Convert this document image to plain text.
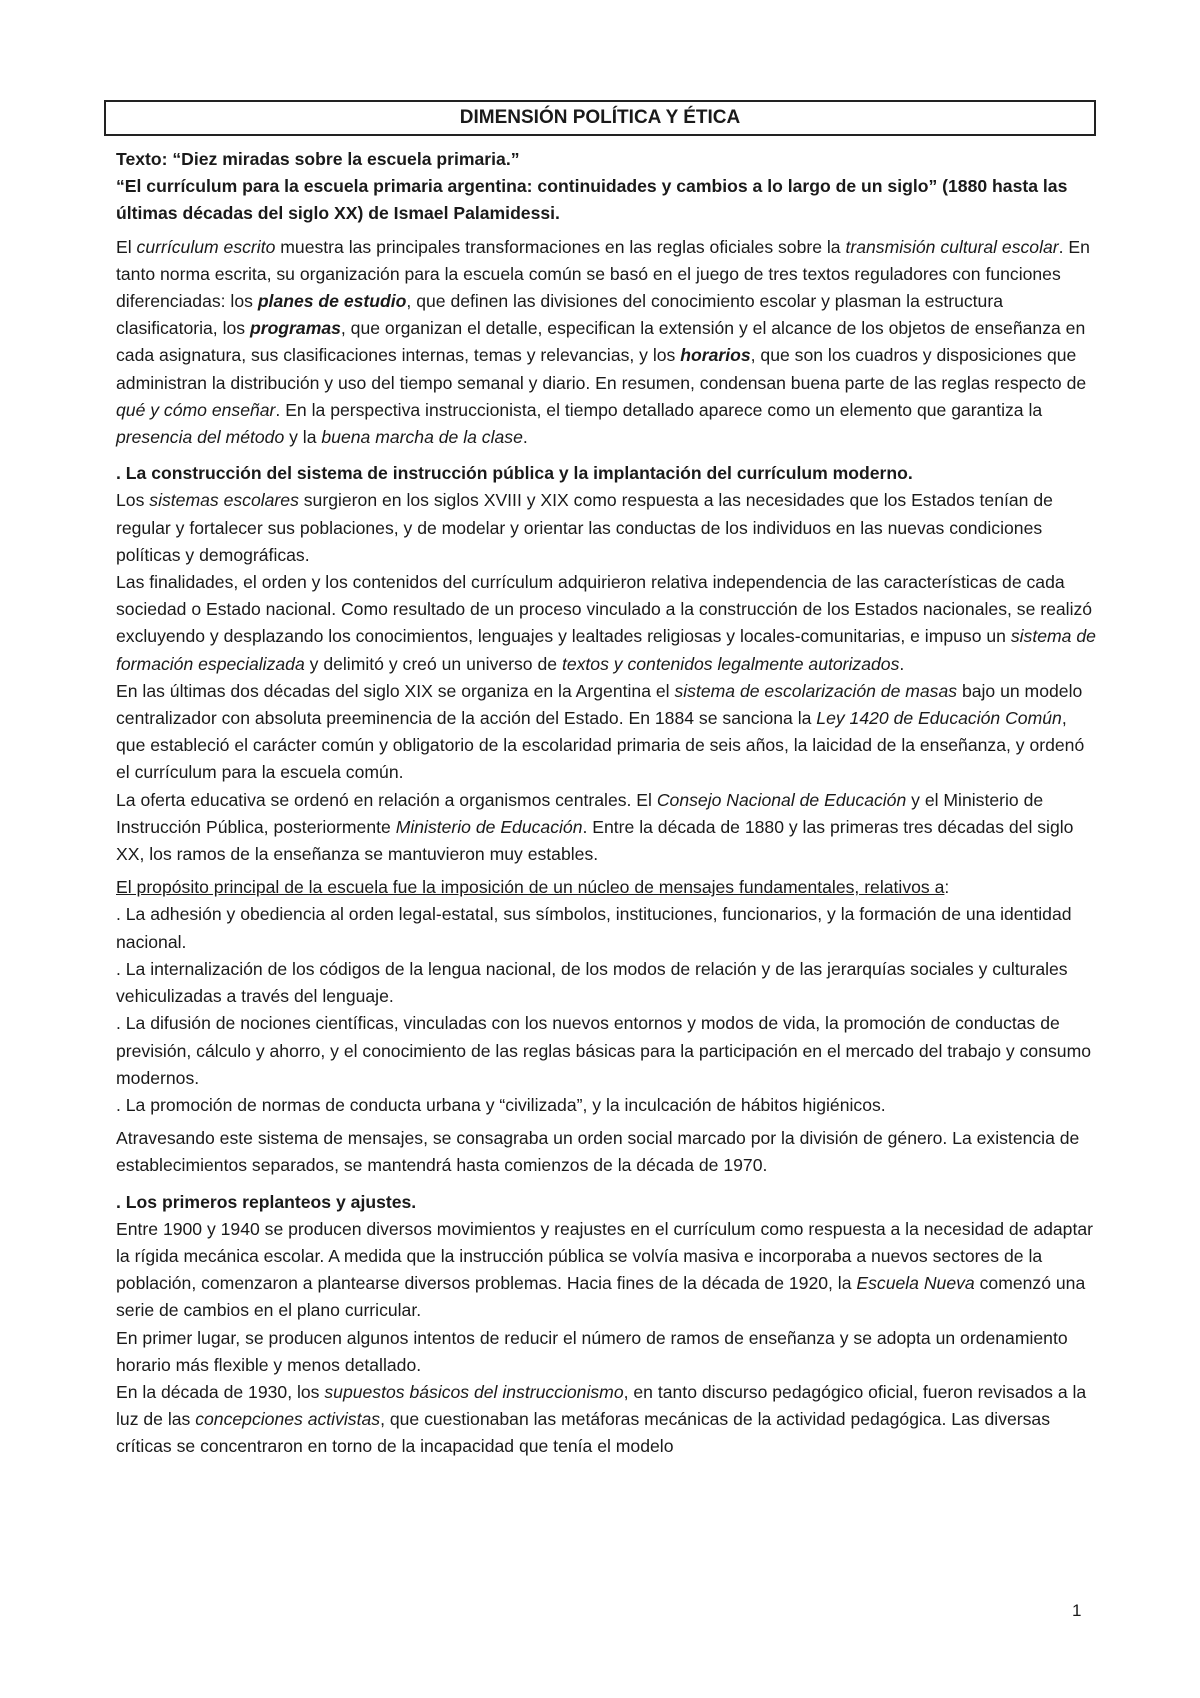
DIMENSIÓN POLÍTICA Y ÉTICA

Texto: “Diez miradas sobre la escuela primaria.”

“El currículum para la escuela primaria argentina: continuidades y cambios a lo largo de un siglo” (1880 hasta las últimas décadas del siglo XX) de Ismael Palamidessi.

El currículum escrito muestra las principales transformaciones en las reglas oficiales sobre la transmisión cultural escolar. En tanto norma escrita, su organización para la escuela común se basó en el juego de tres textos reguladores con funciones diferenciadas: los planes de estudio, que definen las divisiones del conocimiento escolar y plasman la estructura clasificatoria, los programas, que organizan el detalle, especifican la extensión y el alcance de los objetos de enseñanza en cada asignatura, sus clasificaciones internas, temas y relevancias, y los horarios, que son los cuadros y disposiciones que administran la distribución y uso del tiempo semanal y diario. En resumen, condensan buena parte de las reglas respecto de qué y cómo enseñar. En la perspectiva instruccionista, el tiempo detallado aparece como un elemento que garantiza la presencia del método y la buena marcha de la clase.

. La construcción del sistema de instrucción pública y la implantación del currículum moderno.

Los sistemas escolares surgieron en los siglos XVIII y XIX como respuesta a las necesidades que los Estados tenían de regular y fortalecer sus poblaciones, y de modelar y orientar las conductas de los individuos en las nuevas condiciones políticas y demográficas.

Las finalidades, el orden y los contenidos del currículum adquirieron relativa independencia de las características de cada sociedad o Estado nacional. Como resultado de un proceso vinculado a la construcción de los Estados nacionales, se realizó excluyendo y desplazando los conocimientos, lenguajes y lealtades religiosas y locales-comunitarias, e impuso un sistema de formación especializada y delimitó y creó un universo de textos y contenidos legalmente autorizados.

En las últimas dos décadas del siglo XIX se organiza en la Argentina el sistema de escolarización de masas bajo un modelo centralizador con absoluta preeminencia de la acción del Estado. En 1884 se sanciona la Ley 1420 de Educación Común, que estableció el carácter común y obligatorio de la escolaridad primaria de seis años, la laicidad de la enseñanza, y ordenó el currículum para la escuela común.

La oferta educativa se ordenó en relación a organismos centrales. El Consejo Nacional de Educación y el Ministerio de Instrucción Pública, posteriormente Ministerio de Educación. Entre la década de 1880 y las primeras tres décadas del siglo XX, los ramos de la enseñanza se mantuvieron muy estables.

El propósito principal de la escuela fue la imposición de un núcleo de mensajes fundamentales, relativos a:

. La adhesión y obediencia al orden legal-estatal, sus símbolos, instituciones, funcionarios, y la formación de una identidad nacional.

. La internalización de los códigos de la lengua nacional, de los modos de relación y de las jerarquías sociales y culturales vehiculizadas a través del lenguaje.

. La difusión de nociones científicas, vinculadas con los nuevos entornos y modos de vida, la promoción de conductas de previsión, cálculo y ahorro, y el conocimiento de las reglas básicas para la participación en el mercado del trabajo y consumo modernos.

. La promoción de normas de conducta urbana y “civilizada”, y la inculcación de hábitos higiénicos.

Atravesando este sistema de mensajes, se consagraba un orden social marcado por la división de género. La existencia de establecimientos separados, se mantendrá hasta comienzos de la década de 1970.

. Los primeros replanteos y ajustes.

Entre 1900 y 1940 se producen diversos movimientos y reajustes en el currículum como respuesta a la necesidad de adaptar la rígida mecánica escolar. A medida que la instrucción pública se volvía masiva e incorporaba a nuevos sectores de la población, comenzaron a plantearse diversos problemas. Hacia fines de la década de 1920, la Escuela Nueva comenzó una serie de cambios en el plano curricular.

En primer lugar, se producen algunos intentos de reducir el número de ramos de enseñanza y se adopta un ordenamiento horario más flexible y menos detallado.

En la década de 1930, los supuestos básicos del instruccionismo, en tanto discurso pedagógico oficial, fueron revisados a la luz de las concepciones activistas, que cuestionaban las metáforas mecánicas de la actividad pedagógica. Las diversas críticas se concentraron en torno de la incapacidad que tenía el modelo

1
